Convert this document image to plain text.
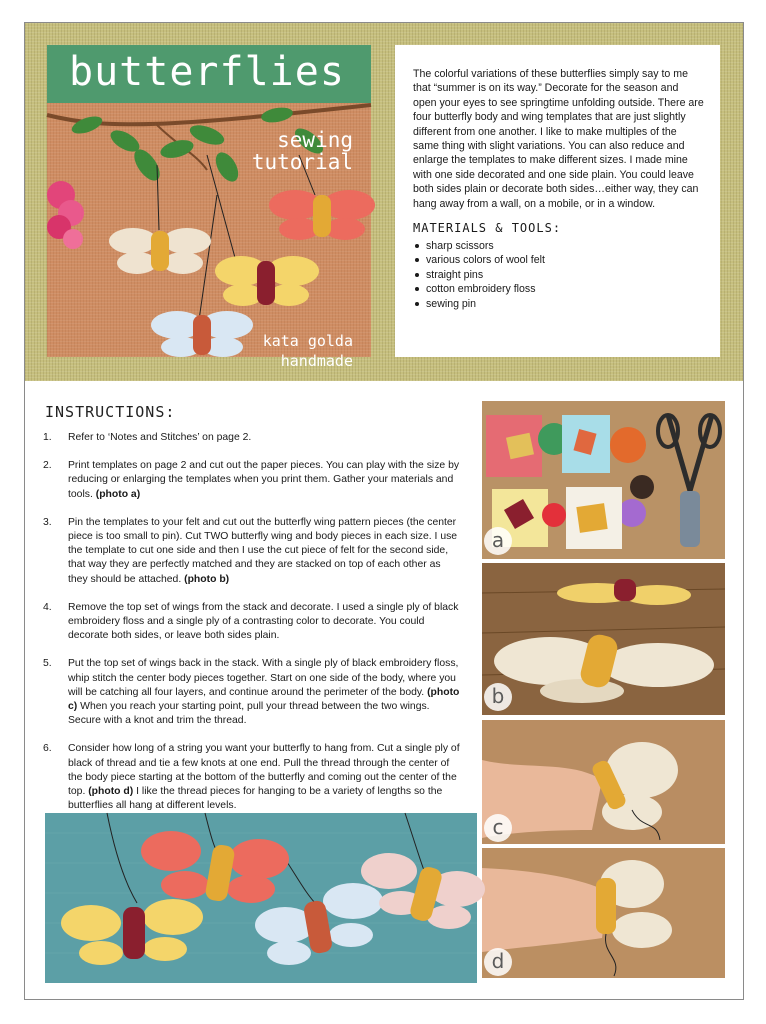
butterflies
sewing
tutorial
kata golda
handmade

The colorful variations of these butterflies simply say to me that “summer is on its way.” Decorate for the season and open your eyes to see springtime unfolding outside. There are four butterfly body and wing templates that are just slightly different from one another. I like to make multiples of the same thing with slight variations. You can also reduce and enlarge the templates to make different sizes. I made mine with one side decorated and one side plain. You could leave both sides plain or decorate both sides…either way, they can hang away from a wall, on a mobile, or in a window.

MATERIALS & TOOLS:
sharp scissors
various colors of wool felt
straight pins
cotton embroidery floss
sewing pin
INSTRUCTIONS:
1. Refer to ‘Notes and Stitches’ on page 2.
2. Print templates on page 2 and cut out the paper pieces. You can play with the size by reducing or enlarging the templates when you print them. Gather your materials and tools. (photo a)
3. Pin the templates to your felt and cut out the butterfly wing pattern pieces (the center piece is too small to pin). Cut TWO butterfly wing and body pieces in each size. I use the template to cut one side and then I use the cut piece of felt for the second side, that way they are perfectly matched and they are stacked on top of each other as they should be attached. (photo b)
4. Remove the top set of wings from the stack and decorate. I used a single ply of black embroidery floss and a single ply of a contrasting color to decorate. You could decorate both sides, or leave both sides plain.
5. Put the top set of wings back in the stack. With a single ply of black embroidery floss, whip stitch the center body pieces together. Start on one side of the body, where you will be catching all four layers, and continue around the perimeter of the body. (photo c) When you reach your starting point, pull your thread between the two wings. Secure with a knot and trim the thread.
6. Consider how long of a string you want your butterfly to hang from. Cut a single ply of black of thread and tie a few knots at one end. Pull the thread through the center of the body piece starting at the bottom of the butterfly and coming out the center of the top. (photo d) I like the thread pieces for hanging to be a variety of lengths so the butterflies all hang at different levels.
a
b
c
d
